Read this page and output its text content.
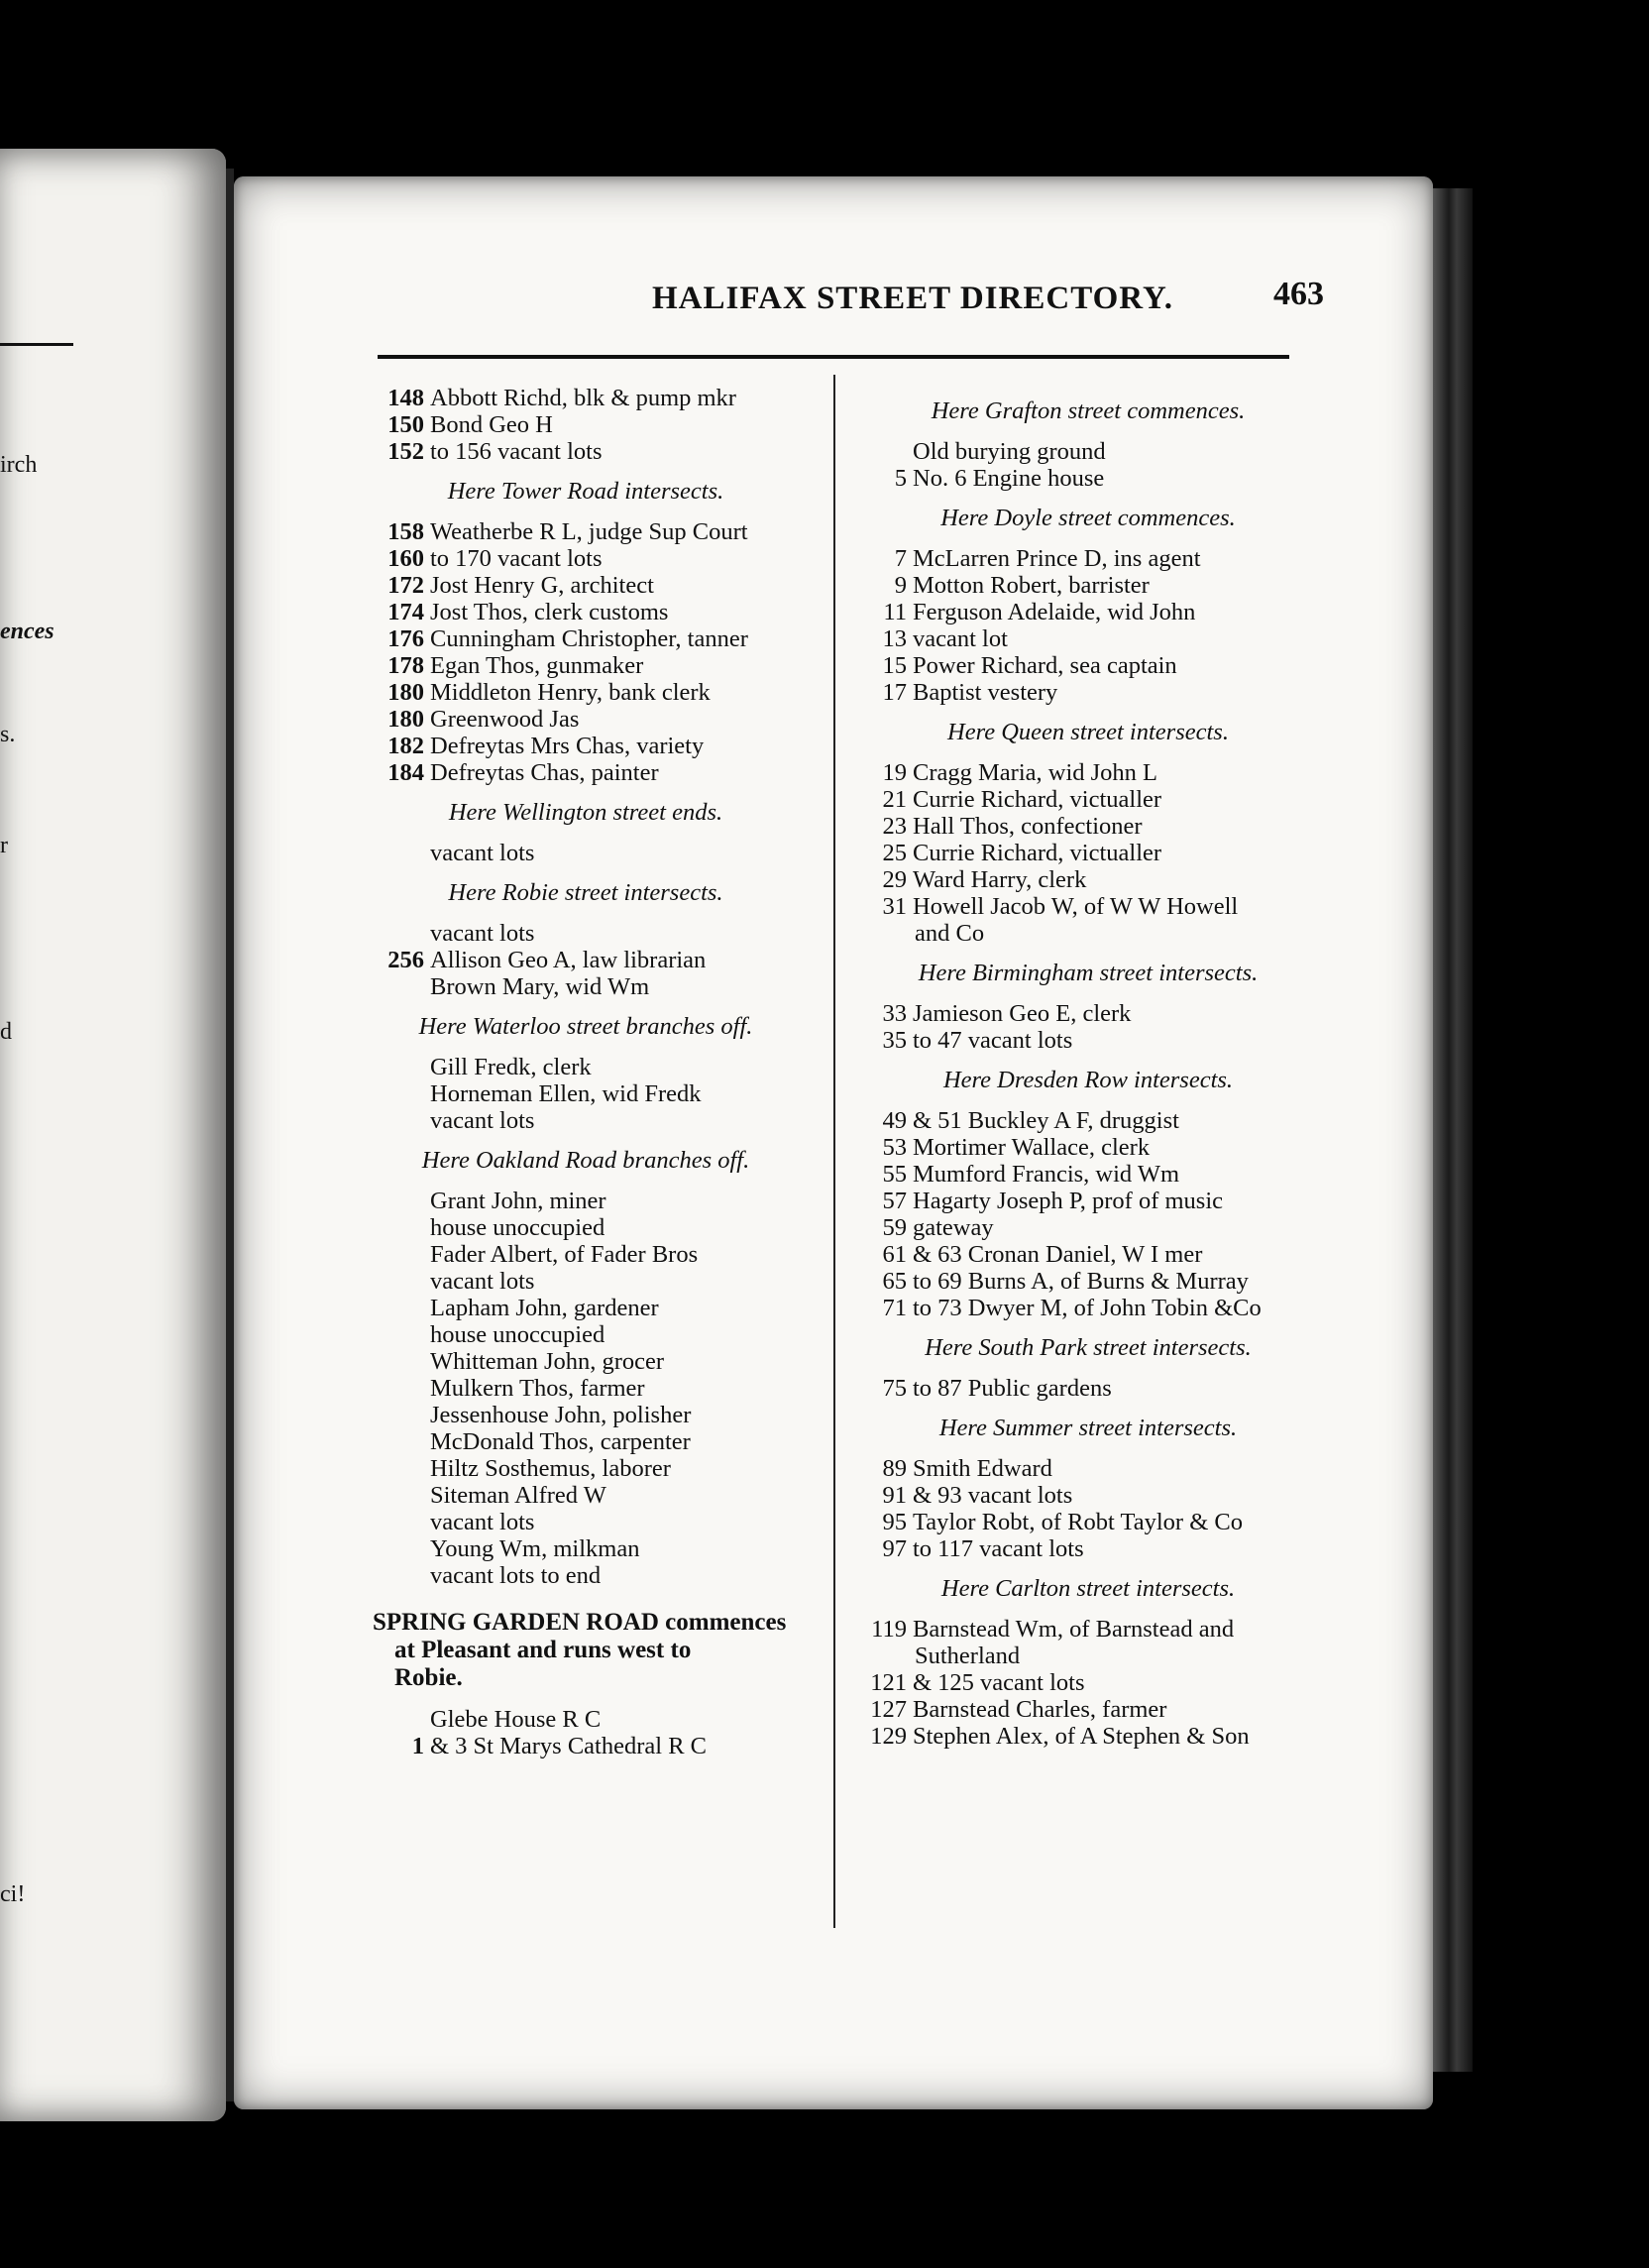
irch
ences
s.
r
d
ci!
HALIFAX STREET DIRECTORY.	463
148 Abbott Richd, blk & pump mkr
150 Bond Geo H
152 to 156 vacant lots
Here Tower Road intersects.
158 Weatherbe R L, judge Sup Court
160 to 170 vacant lots
172 Jost Henry G, architect
174 Jost Thos, clerk customs
176 Cunningham Christopher, tanner
178 Egan Thos, gunmaker
180 Middleton Henry, bank clerk
180 Greenwood Jas
182 Defreytas Mrs Chas, variety
184 Defreytas Chas, painter
Here Wellington street ends.
vacant lots
Here Robie street intersects.
vacant lots
256 Allison Geo A, law librarian
Brown Mary, wid Wm
Here Waterloo street branches off.
Gill Fredk, clerk
Horneman Ellen, wid Fredk
vacant lots
Here Oakland Road branches off.
Grant John, miner
house unoccupied
Fader Albert, of Fader Bros
vacant lots
Lapham John, gardener
house unoccupied
Whitteman John, grocer
Mulkern Thos, farmer
Jessenhouse John, polisher
McDonald Thos, carpenter
Hiltz Sosthemus, laborer
Siteman Alfred W
vacant lots
Young Wm, milkman
vacant lots to end
SPRING GARDEN ROAD commences
at Pleasant and runs west to
Robie.
Glebe House R C
1 & 3 St Marys Cathedral R C
Here Grafton street commences.
Old burying ground
5 No. 6 Engine house
Here Doyle street commences.
7 McLarren Prince D, ins agent
9 Motton Robert, barrister
11 Ferguson Adelaide, wid John
13 vacant lot
15 Power Richard, sea captain
17 Baptist vestery
Here Queen street intersects.
19 Cragg Maria, wid John L
21 Currie Richard, victualler
23 Hall Thos, confectioner
25 Currie Richard, victualler
29 Ward Harry, clerk
31 Howell Jacob W, of W W Howell
and Co
Here Birmingham street intersects.
33 Jamieson Geo E, clerk
35 to 47 vacant lots
Here Dresden Row intersects.
49 & 51 Buckley A F, druggist
53 Mortimer Wallace, clerk
55 Mumford Francis, wid Wm
57 Hagarty Joseph P, prof of music
59 gateway
61 & 63 Cronan Daniel, W I mer
65 to 69 Burns A, of Burns & Murray
71 to 73 Dwyer M, of John Tobin &Co
Here South Park street intersects.
75 to 87 Public gardens
Here Summer street intersects.
89 Smith Edward
91 & 93 vacant lots
95 Taylor Robt, of Robt Taylor & Co
97 to 117 vacant lots
Here Carlton street intersects.
119 Barnstead Wm, of Barnstead and
Sutherland
121 & 125 vacant lots
127 Barnstead Charles, farmer
129 Stephen Alex, of A Stephen & Son
